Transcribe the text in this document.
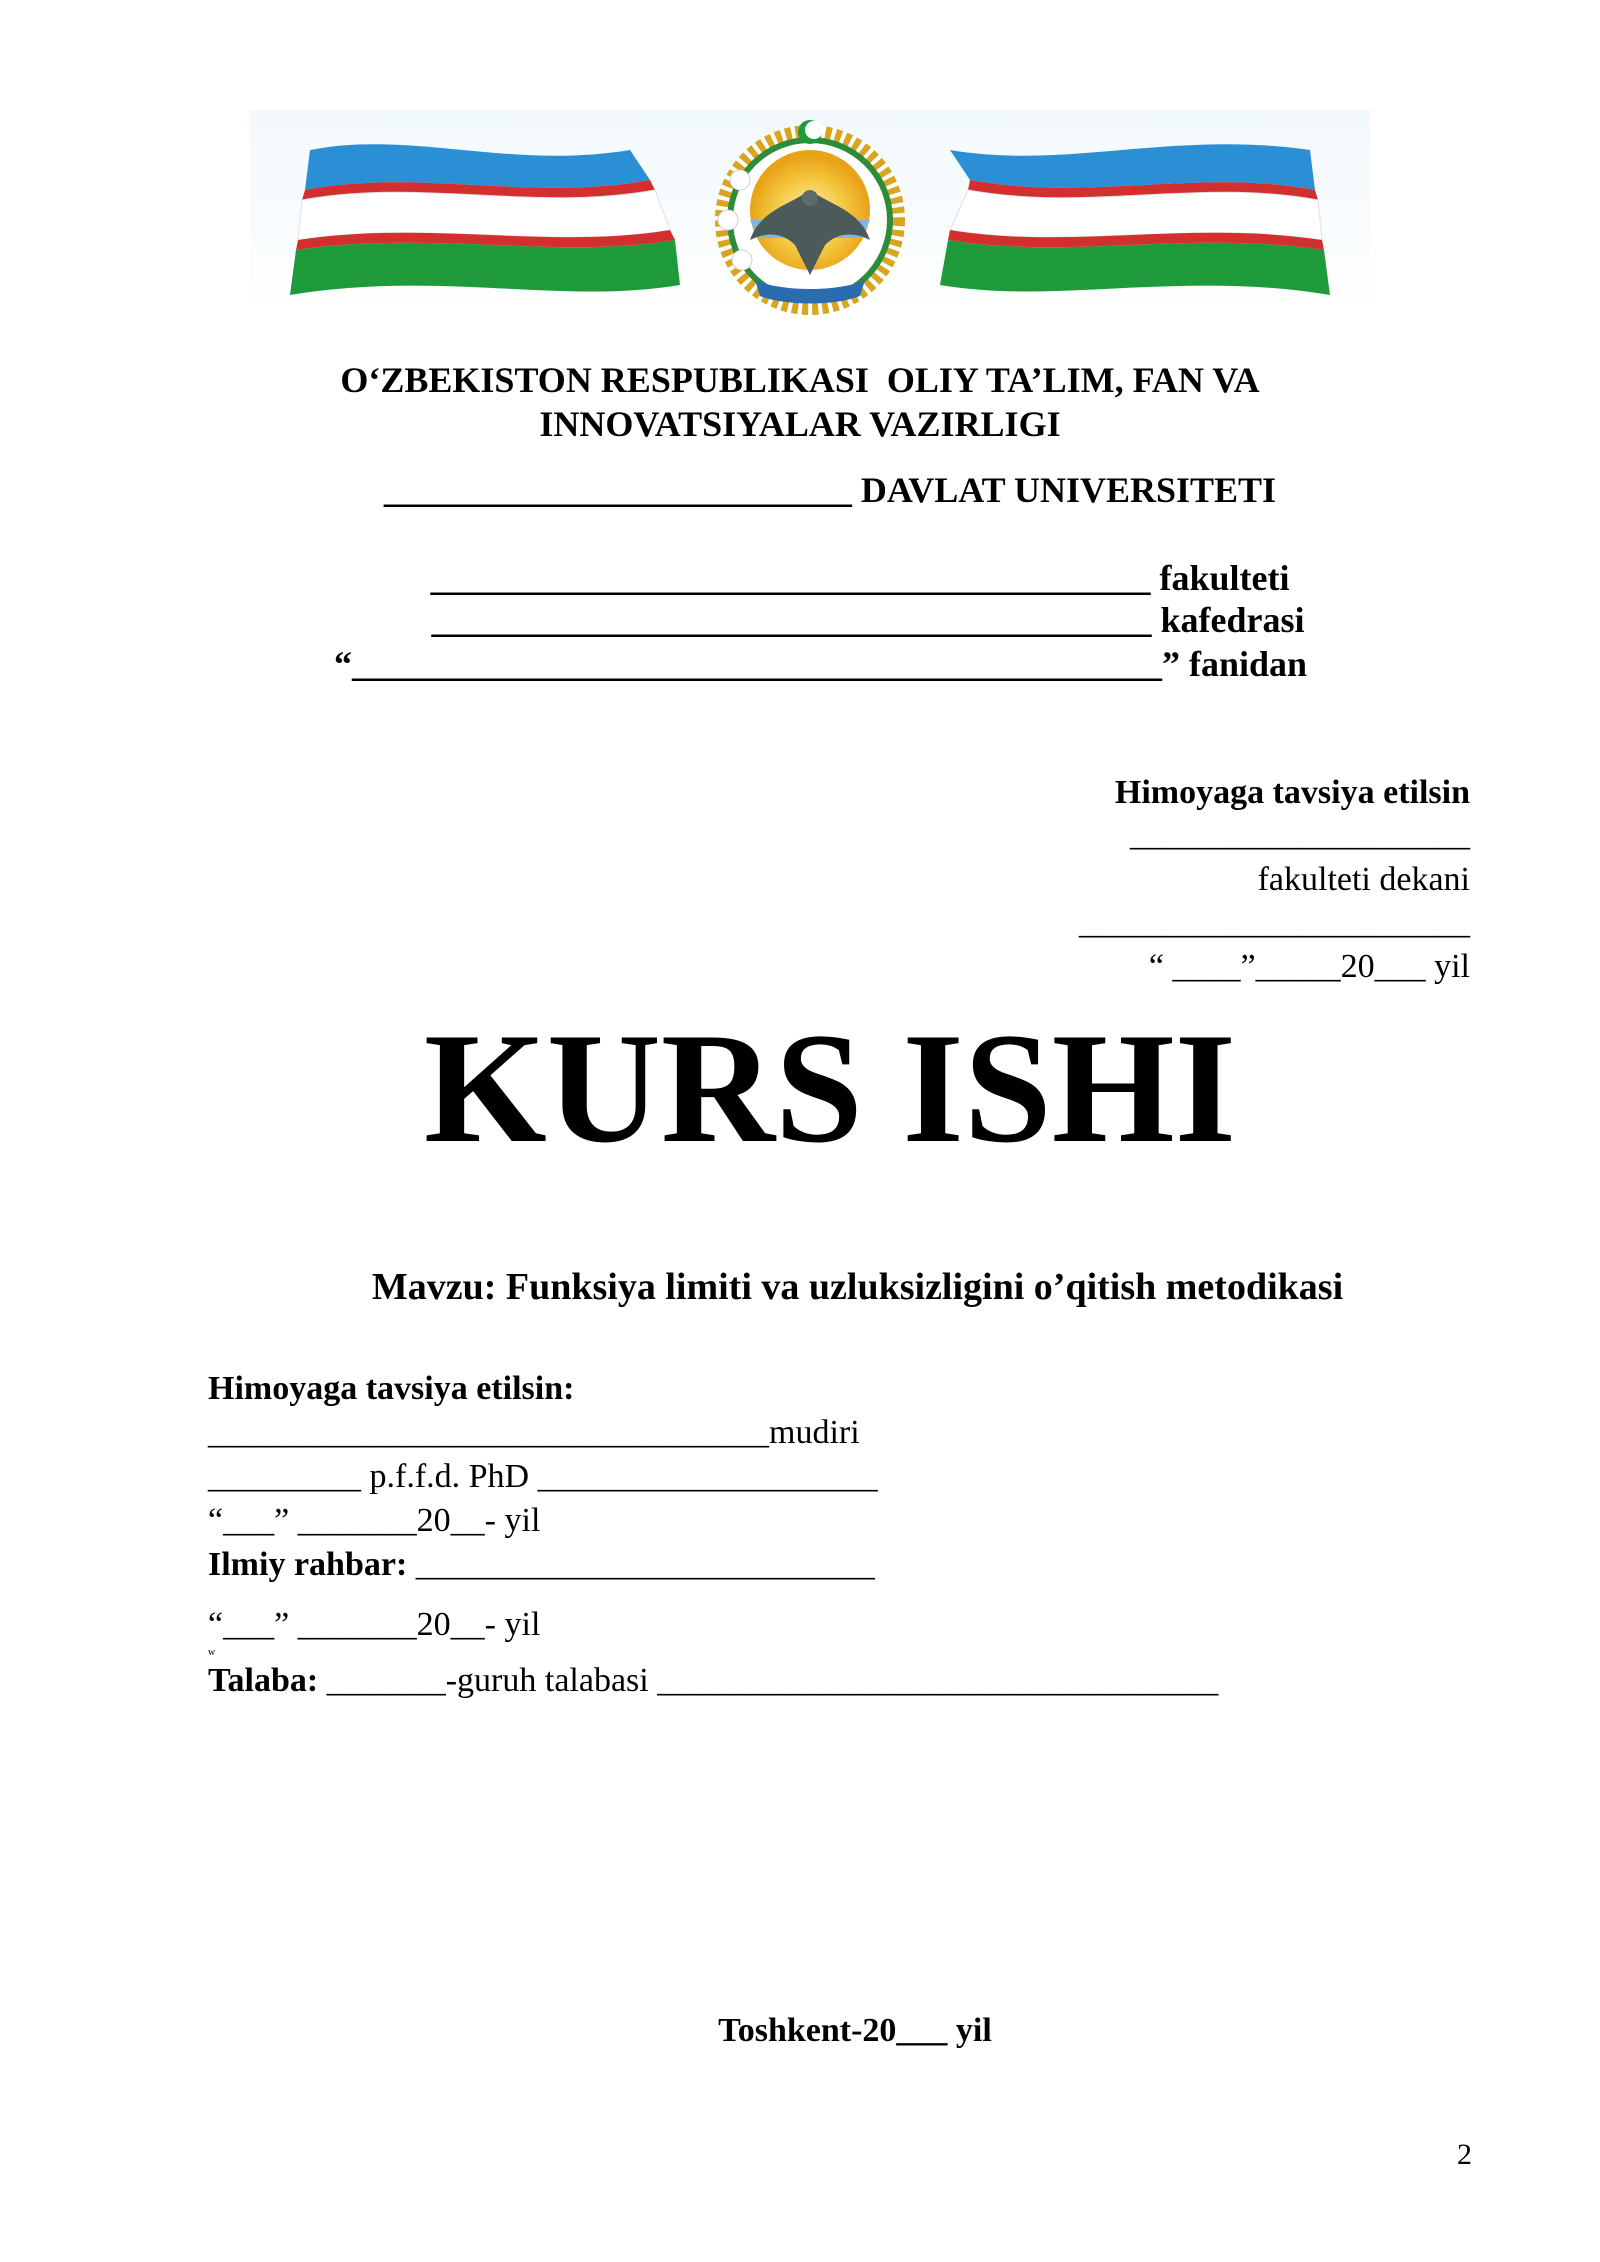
O‘ZBEKISTON RESPUBLIKASI  OLIY TA’LIM, FAN VA
INNOVATSIYALAR VAZIRLIGI
__________________________ DAVLAT UNIVERSITETI
________________________________________ fakulteti
________________________________________ kafedrasi
“_____________________________________________” fanidan
Himoyaga tavsiya etilsin
____________________
fakulteti dekani
_______________________
“ ____”_____20___ yil
KURS ISHI
Mavzu: Funksiya limiti va uzluksizligini o’qitish metodikasi
Himoyaga tavsiya etilsin:
_________________________________mudiri
_________ p.f.f.d. PhD ____________________
“___” _______20__- yil
Ilmiy rahbar: ___________________________
“___” _______20__- yil
w
Talaba: _______-guruh talabasi _________________________________
Toshkent-20___ yil
2
